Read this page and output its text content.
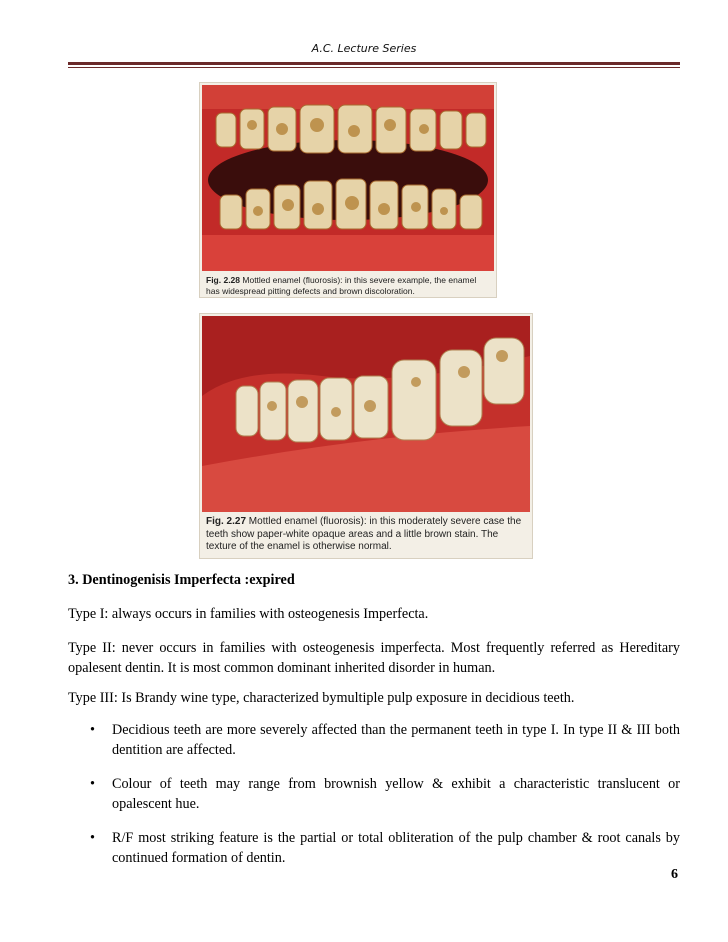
A.C. Lecture Series
Fig. 2.28 Mottled enamel (fluorosis): in this severe example, the enamel has widespread pitting defects and brown discoloration.
Fig. 2.27 Mottled enamel (fluorosis): in this moderately severe case the teeth show paper-white opaque areas and a little brown stain. The texture of the enamel is otherwise normal.
3. Dentinogenisis Imperfecta :expired
Type I: always occurs in families with osteogenesis Imperfecta.
Type II: never occurs in families with osteogenesis imperfecta. Most frequently referred as Hereditary opalesent dentin. It is most common dominant inherited disorder in human.
Type III: Is Brandy wine type, characterized bymultiple pulp exposure in decidious teeth.
• Decidious teeth are more severely affected than the permanent teeth in type I. In type II & III both dentition are affected.
• Colour of teeth may range from brownish yellow & exhibit a characteristic translucent or opalescent hue.
• R/F most striking feature is the partial or total obliteration of the pulp chamber & root canals by continued formation of dentin.
6
